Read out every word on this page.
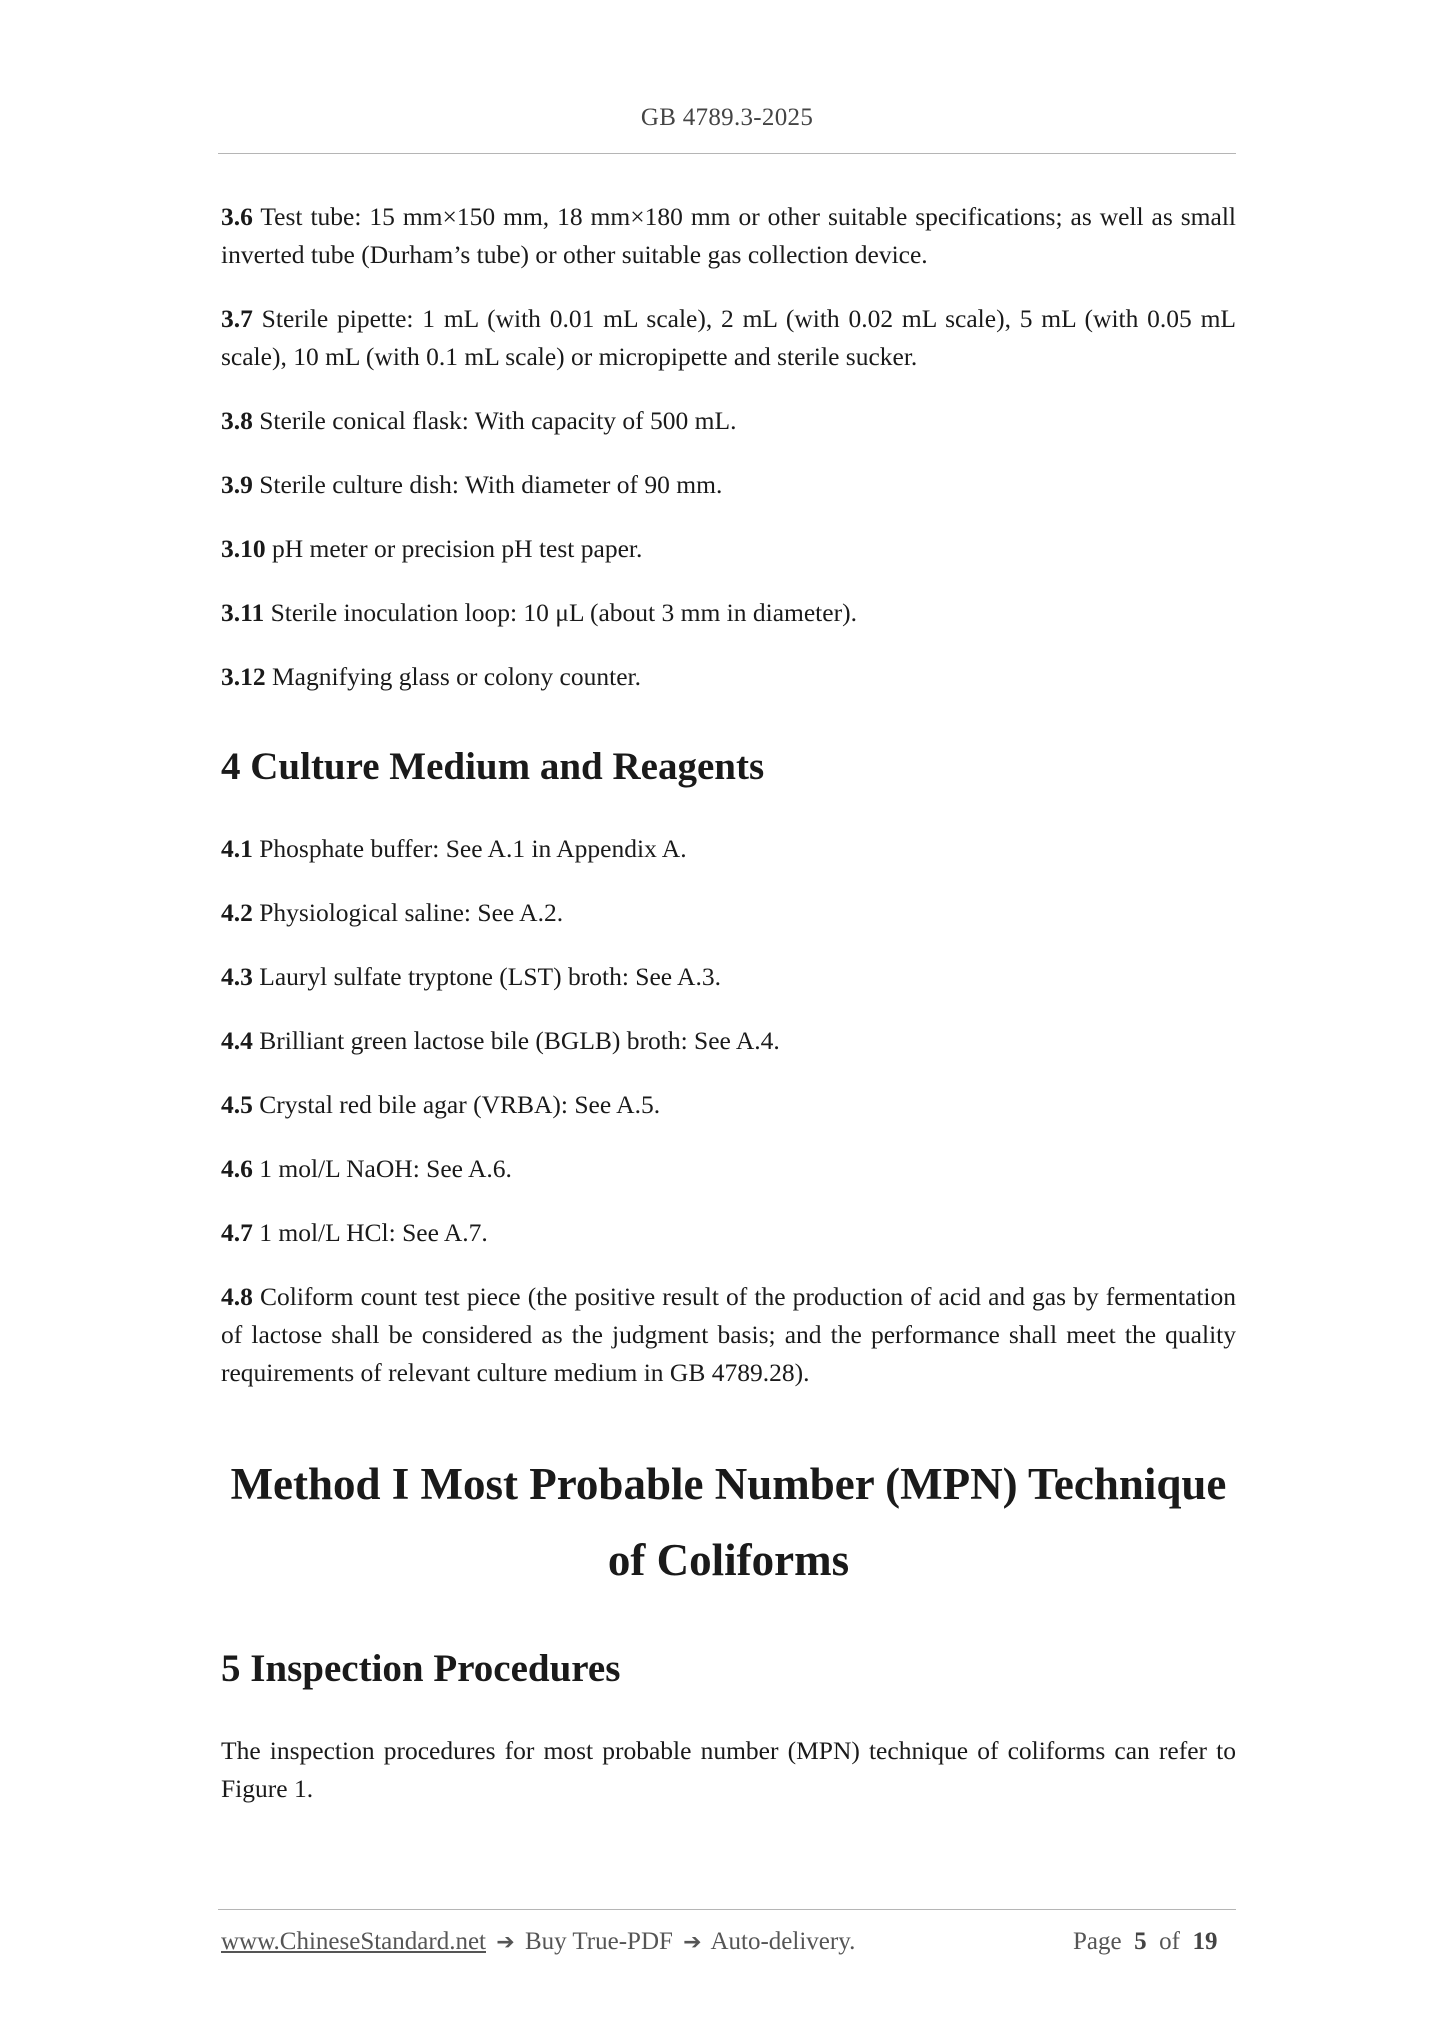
GB 4789.3-2025

3.6 Test tube: 15 mm×150 mm, 18 mm×180 mm or other suitable specifications; as well as small inverted tube (Durham’s tube) or other suitable gas collection device.

3.7 Sterile pipette: 1 mL (with 0.01 mL scale), 2 mL (with 0.02 mL scale), 5 mL (with 0.05 mL scale), 10 mL (with 0.1 mL scale) or micropipette and sterile sucker.

3.8 Sterile conical flask: With capacity of 500 mL.

3.9 Sterile culture dish: With diameter of 90 mm.

3.10 pH meter or precision pH test paper.

3.11 Sterile inoculation loop: 10 μL (about 3 mm in diameter).

3.12 Magnifying glass or colony counter.

4 Culture Medium and Reagents

4.1 Phosphate buffer: See A.1 in Appendix A.

4.2 Physiological saline: See A.2.

4.3 Lauryl sulfate tryptone (LST) broth: See A.3.

4.4 Brilliant green lactose bile (BGLB) broth: See A.4.

4.5 Crystal red bile agar (VRBA): See A.5.

4.6 1 mol/L NaOH: See A.6.

4.7 1 mol/L HCl: See A.7.

4.8 Coliform count test piece (the positive result of the production of acid and gas by fermentation of lactose shall be considered as the judgment basis; and the performance shall meet the quality requirements of relevant culture medium in GB 4789.28).

Method I Most Probable Number (MPN) Technique
of Coliforms
5 Inspection Procedures

The inspection procedures for most probable number (MPN) technique of coliforms can refer to Figure 1.

www.ChineseStandard.net ➔ Buy True-PDF ➔ Auto-delivery.	Page 5 of 19
